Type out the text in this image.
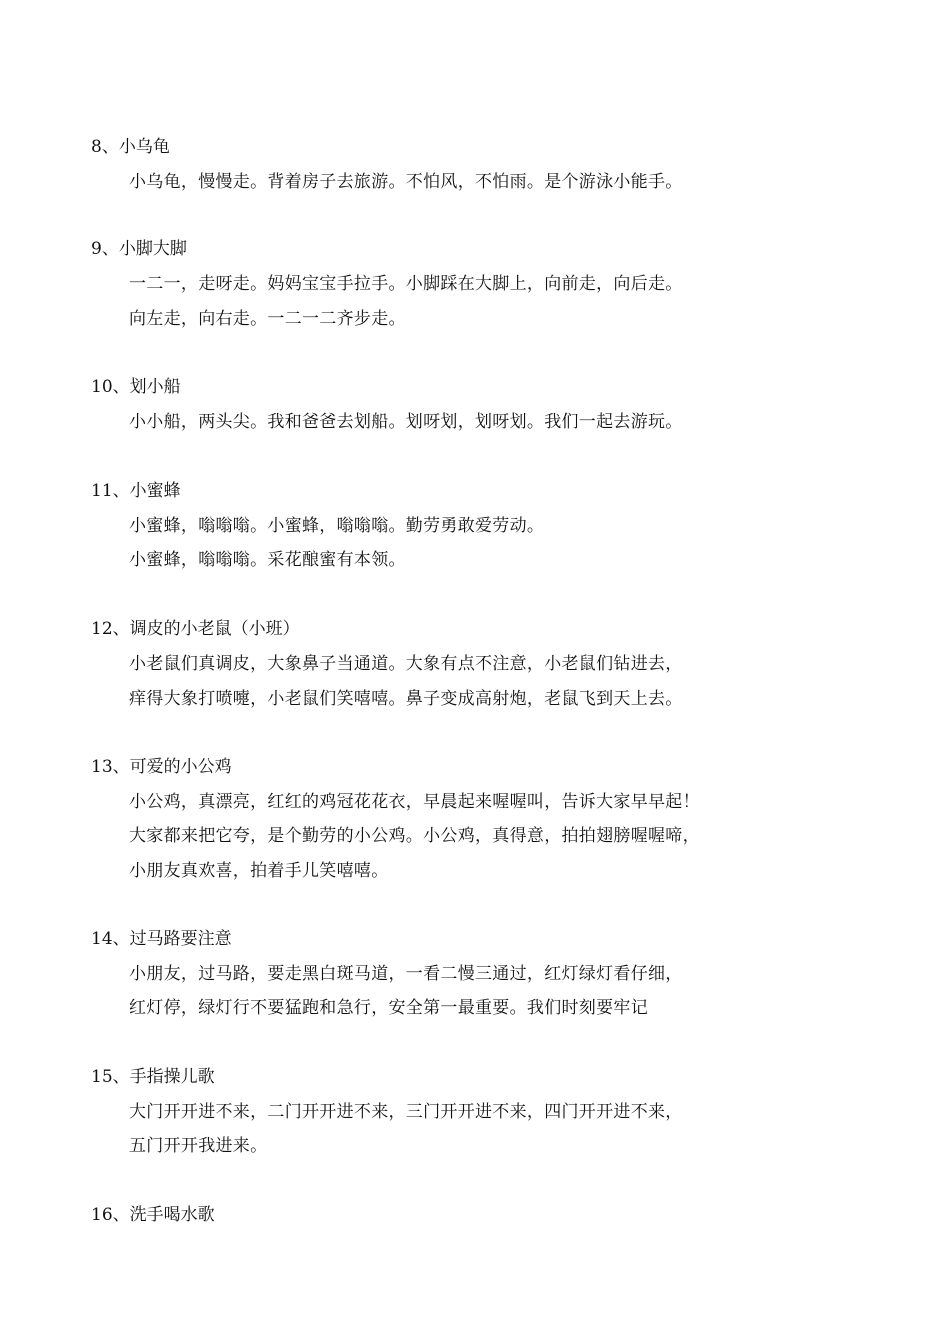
8、小乌龟
小乌龟，慢慢走。背着房子去旅游。不怕风，不怕雨。是个游泳小能手。
9、小脚大脚
一二一，走呀走。妈妈宝宝手拉手。小脚踩在大脚上，向前走，向后走。
向左走，向右走。一二一二齐步走。
10、划小船
小小船，两头尖。我和爸爸去划船。划呀划，划呀划。我们一起去游玩。
11、小蜜蜂
小蜜蜂，嗡嗡嗡。小蜜蜂，嗡嗡嗡。勤劳勇敢爱劳动。
小蜜蜂，嗡嗡嗡。采花酿蜜有本领。
12、调皮的小老鼠（小班）
小老鼠们真调皮，大象鼻子当通道。大象有点不注意，小老鼠们钻进去，
痒得大象打喷嚏，小老鼠们笑嘻嘻。鼻子变成高射炮，老鼠飞到天上去。
13、可爱的小公鸡
小公鸡，真漂亮，红红的鸡冠花花衣，早晨起来喔喔叫，告诉大家早早起！
大家都来把它夸，是个勤劳的小公鸡。小公鸡，真得意，拍拍翅膀喔喔啼，
小朋友真欢喜，拍着手儿笑嘻嘻。
14、过马路要注意
小朋友，过马路，要走黑白斑马道，一看二慢三通过，红灯绿灯看仔细，
红灯停，绿灯行不要猛跑和急行，安全第一最重要。我们时刻要牢记
15、手指操儿歌
大门开开进不来，二门开开进不来，三门开开进不来，四门开开进不来，
五门开开我进来。
16、洗手喝水歌
